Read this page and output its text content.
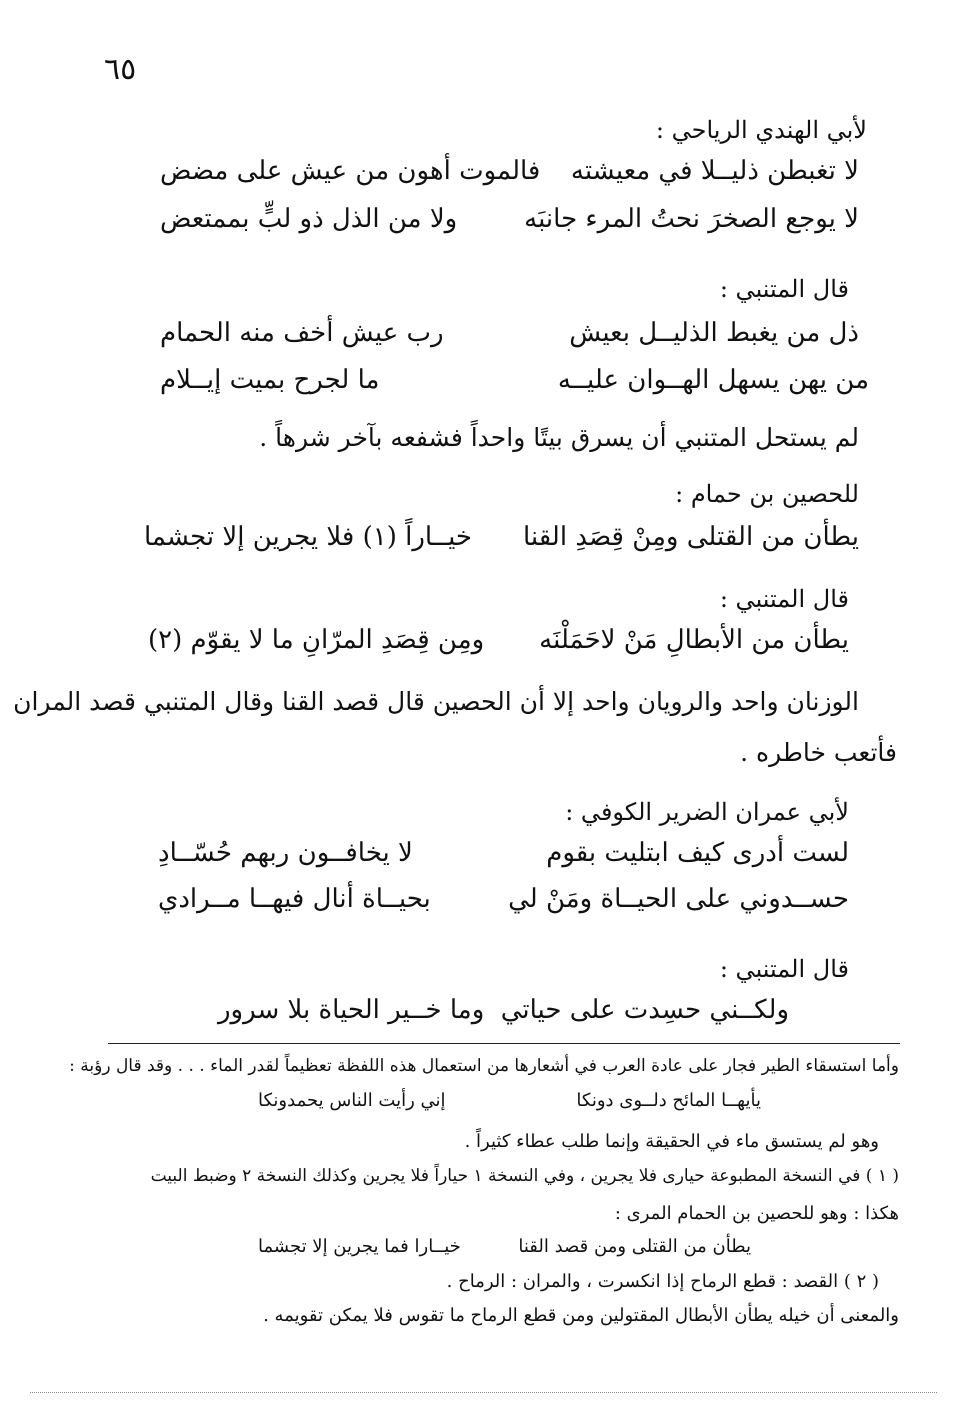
٦٥
لأبي الهندي الرياحي :
لا تغبطن ذليــلا في معيشته
فالموت أهون من عيش على مضض
لا يوجع الصخرَ نحتُ المرء جانبَه
ولا من الذل ذو لبٍّ بممتعض
قال المتنبي :
ذل من يغبط الذليــل بعيش
رب عيش أخف منه الحمام
من يهن يسهل الهــوان عليــه
ما لجرح بميت إيــلام
لم يستحل المتنبي أن يسرق بيتًا واحداً فشفعه بآخر شرهاً .
للحصين بن حمام :
يطأن من القتلى ومِنْ قِصَدِ القنا
خيــاراً (١) فلا يجرين إلا تجشما
قال المتنبي :
يطأن من الأبطالِ مَنْ لاحَمَلْنَه
ومِن قِصَدِ المرّانِ ما لا يقوّم (٢)
الوزنان واحد والرويان واحد إلا أن الحصين قال قصد القنا وقال المتنبي قصد المران
فأتعب خاطره .
لأبي عمران الضرير الكوفي :
لست أدرى كيف ابتليت بقوم
لا يخافــون ربهم حُسّــادِ
حســدوني على الحيــاة ومَنْ لي
بحيــاة أنال فيهــا مــرادي
قال المتنبي :
ولكــني حسِدت على حياتي
وما خــير الحياة بلا سرور
وأما استسقاء الطير فجار على عادة العرب في أشعارها من استعمال هذه اللفظة تعظيماً لقدر الماء . . . وقد قال رؤبة :
يأيهــا المائح دلــوى دونكا
إني رأيت الناس يحمدونكا
وهو لم يستسق ماء في الحقيقة وإنما طلب عطاء كثيراً .
( ١ ) في النسخة المطبوعة حيارى فلا يجرين ، وفي النسخة ١ حياراً فلا يجرين وكذلك النسخة ٢ وضبط البيت
هكذا : وهو للحصين بن الحمام المرى :
يطأن من القتلى ومن قصد القنا
خيــارا فما يجرين إلا تجشما
( ٢ ) القصد : قطع الرماح إذا انكسرت ، والمران : الرماح .
والمعنى أن خيله يطأن الأبطال المقتولين ومن قطع الرماح ما تقوس فلا يمكن تقويمه .
